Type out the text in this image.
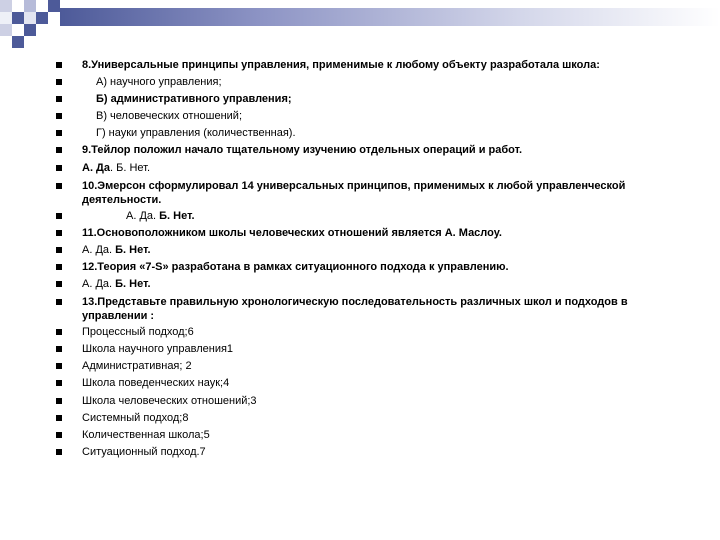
8.Универсальные принципы управления, применимые к любому объекту разработала школа:
А) научного управления;
Б) административного управления;
В) человеческих отношений;
Г) науки управления (количественная).
9.Тейлор положил начало тщательному изучению отдельных операций и работ.
А. Да. Б. Нет.
10.Эмерсон сформулировал 14 универсальных принципов, применимых к любой управленческой деятельности.
А. Да. Б. Нет.
11.Основоположником школы человеческих отношений является А. Маслоу.
А. Да. Б. Нет.
12.Теория «7-S» разработана в рамках ситуационного подхода к управлению.
А. Да. Б. Нет.
13.Представьте правильную хронологическую последовательность различных школ и подходов в управлении :
Процессный подход;6
Школа научного управления1
Административная; 2
Школа поведенческих наук;4
Школа человеческих отношений;3
Системный подход;8
Количественная школа;5
Ситуационный подход.7
